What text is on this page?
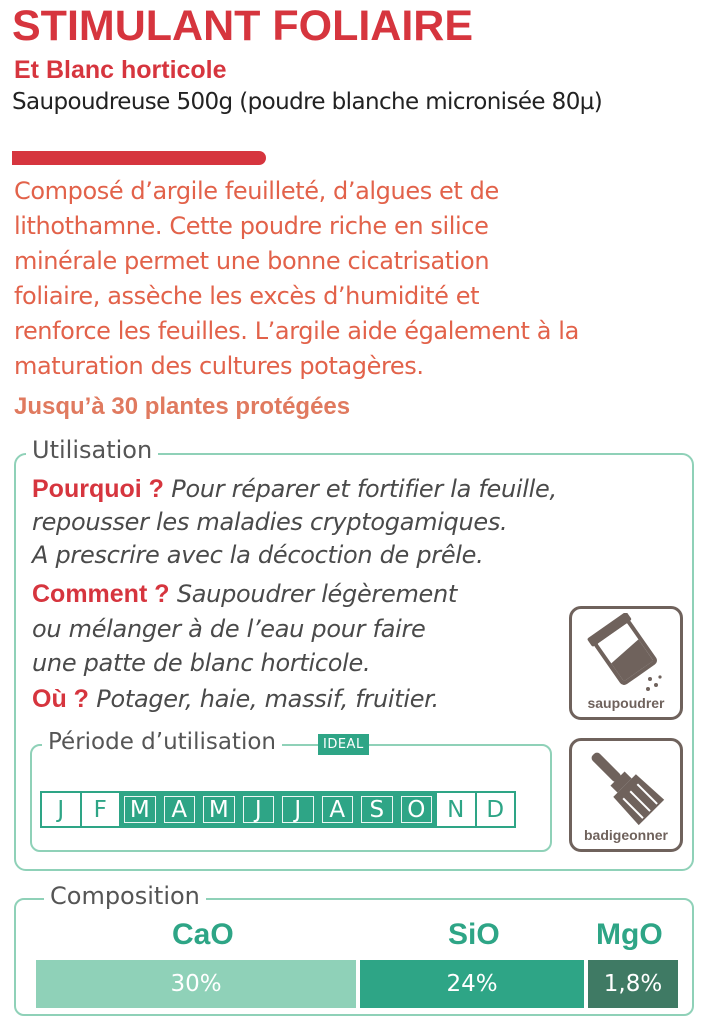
STIMULANT FOLIAIRE
Et Blanc horticole
Saupoudreuse 500g (poudre blanche micronisée 80µ)
Composé d’argile feuilleté, d’algues et de
lithothamne. Cette poudre riche en silice
minérale permet une bonne cicatrisation
foliaire, assèche les excès d’humidité et
renforce les feuilles. L’argile aide également à la
maturation des cultures potagères.
Jusqu’à 30 plantes protégées
Utilisation
Pourquoi ? Pour réparer et fortifier la feuille,
repousser les maladies cryptogamiques.
A prescrire avec la décoction de prêle.
Comment ? Saupoudrer légèrement
ou mélanger à de l’eau pour faire
une patte de blanc horticole.
Où ? Potager, haie, massif, fruitier.
Période d’utilisation	IDEAL
J	F M A M	J	J	A	S	O N D
saupoudrer
badigeonner
Composition
CaO	SiO	MgO
30%	24%	1,8%
